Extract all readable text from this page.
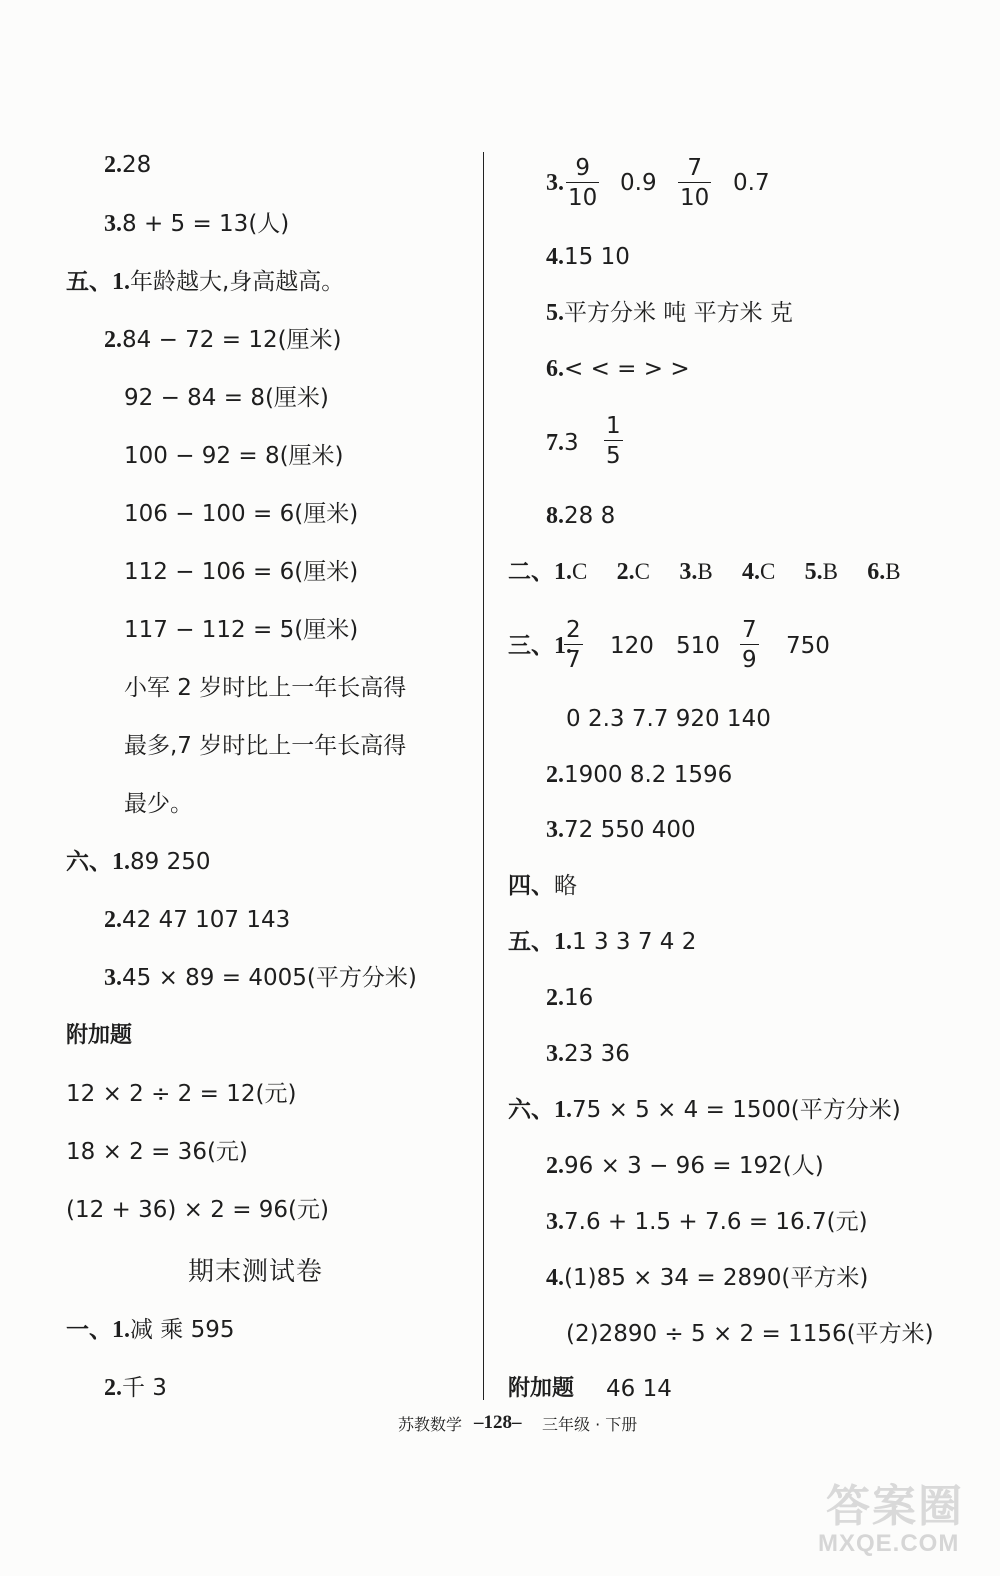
2.28
3.8 + 5 = 13(人)
五、1.年龄越大,身高越高。
2.84 − 72 = 12(厘米)
92 − 84 = 8(厘米)
100 − 92 = 8(厘米)
106 − 100 = 6(厘米)
112 − 106 = 6(厘米)
117 − 112 = 5(厘米)
小军 2 岁时比上一年长高得
最多,7 岁时比上一年长高得
最少。
六、1.89 250
2.42 47 107 143
3.45 × 89 = 4005(平方分米)
附加题
12 × 2 ÷ 2 = 12(元)
18 × 2 = 36(元)
(12 + 36) × 2 = 96(元)
期末测试卷
一、1.减 乘 595
2.千 3
3.
9
10
0.9
7
10
0.7
4.15 10
5.平方分米 吨 平方米 克
6.< < = > >
7.3
1
5
8.28 8
二、1.C 2.C 3.B 4.C 5.B 6.B
三、1.
2
7
120 510
7
9
750
0 2.3 7.7 920 140
2.1900 8.2 1596
3.72 550 400
四、略
五、1.1 3 3 7 4 2
2.16
3.23 36
六、1.75 × 5 × 4 = 1500(平方分米)
2.96 × 3 − 96 = 192(人)
3.7.6 + 1.5 + 7.6 = 16.7(元)
4.(1)85 × 34 = 2890(平方米)
(2)2890 ÷ 5 × 2 = 1156(平方米)
附加题 46 14
苏教数学 –128– 三年级 · 下册
答案圈
MXQE.COM
